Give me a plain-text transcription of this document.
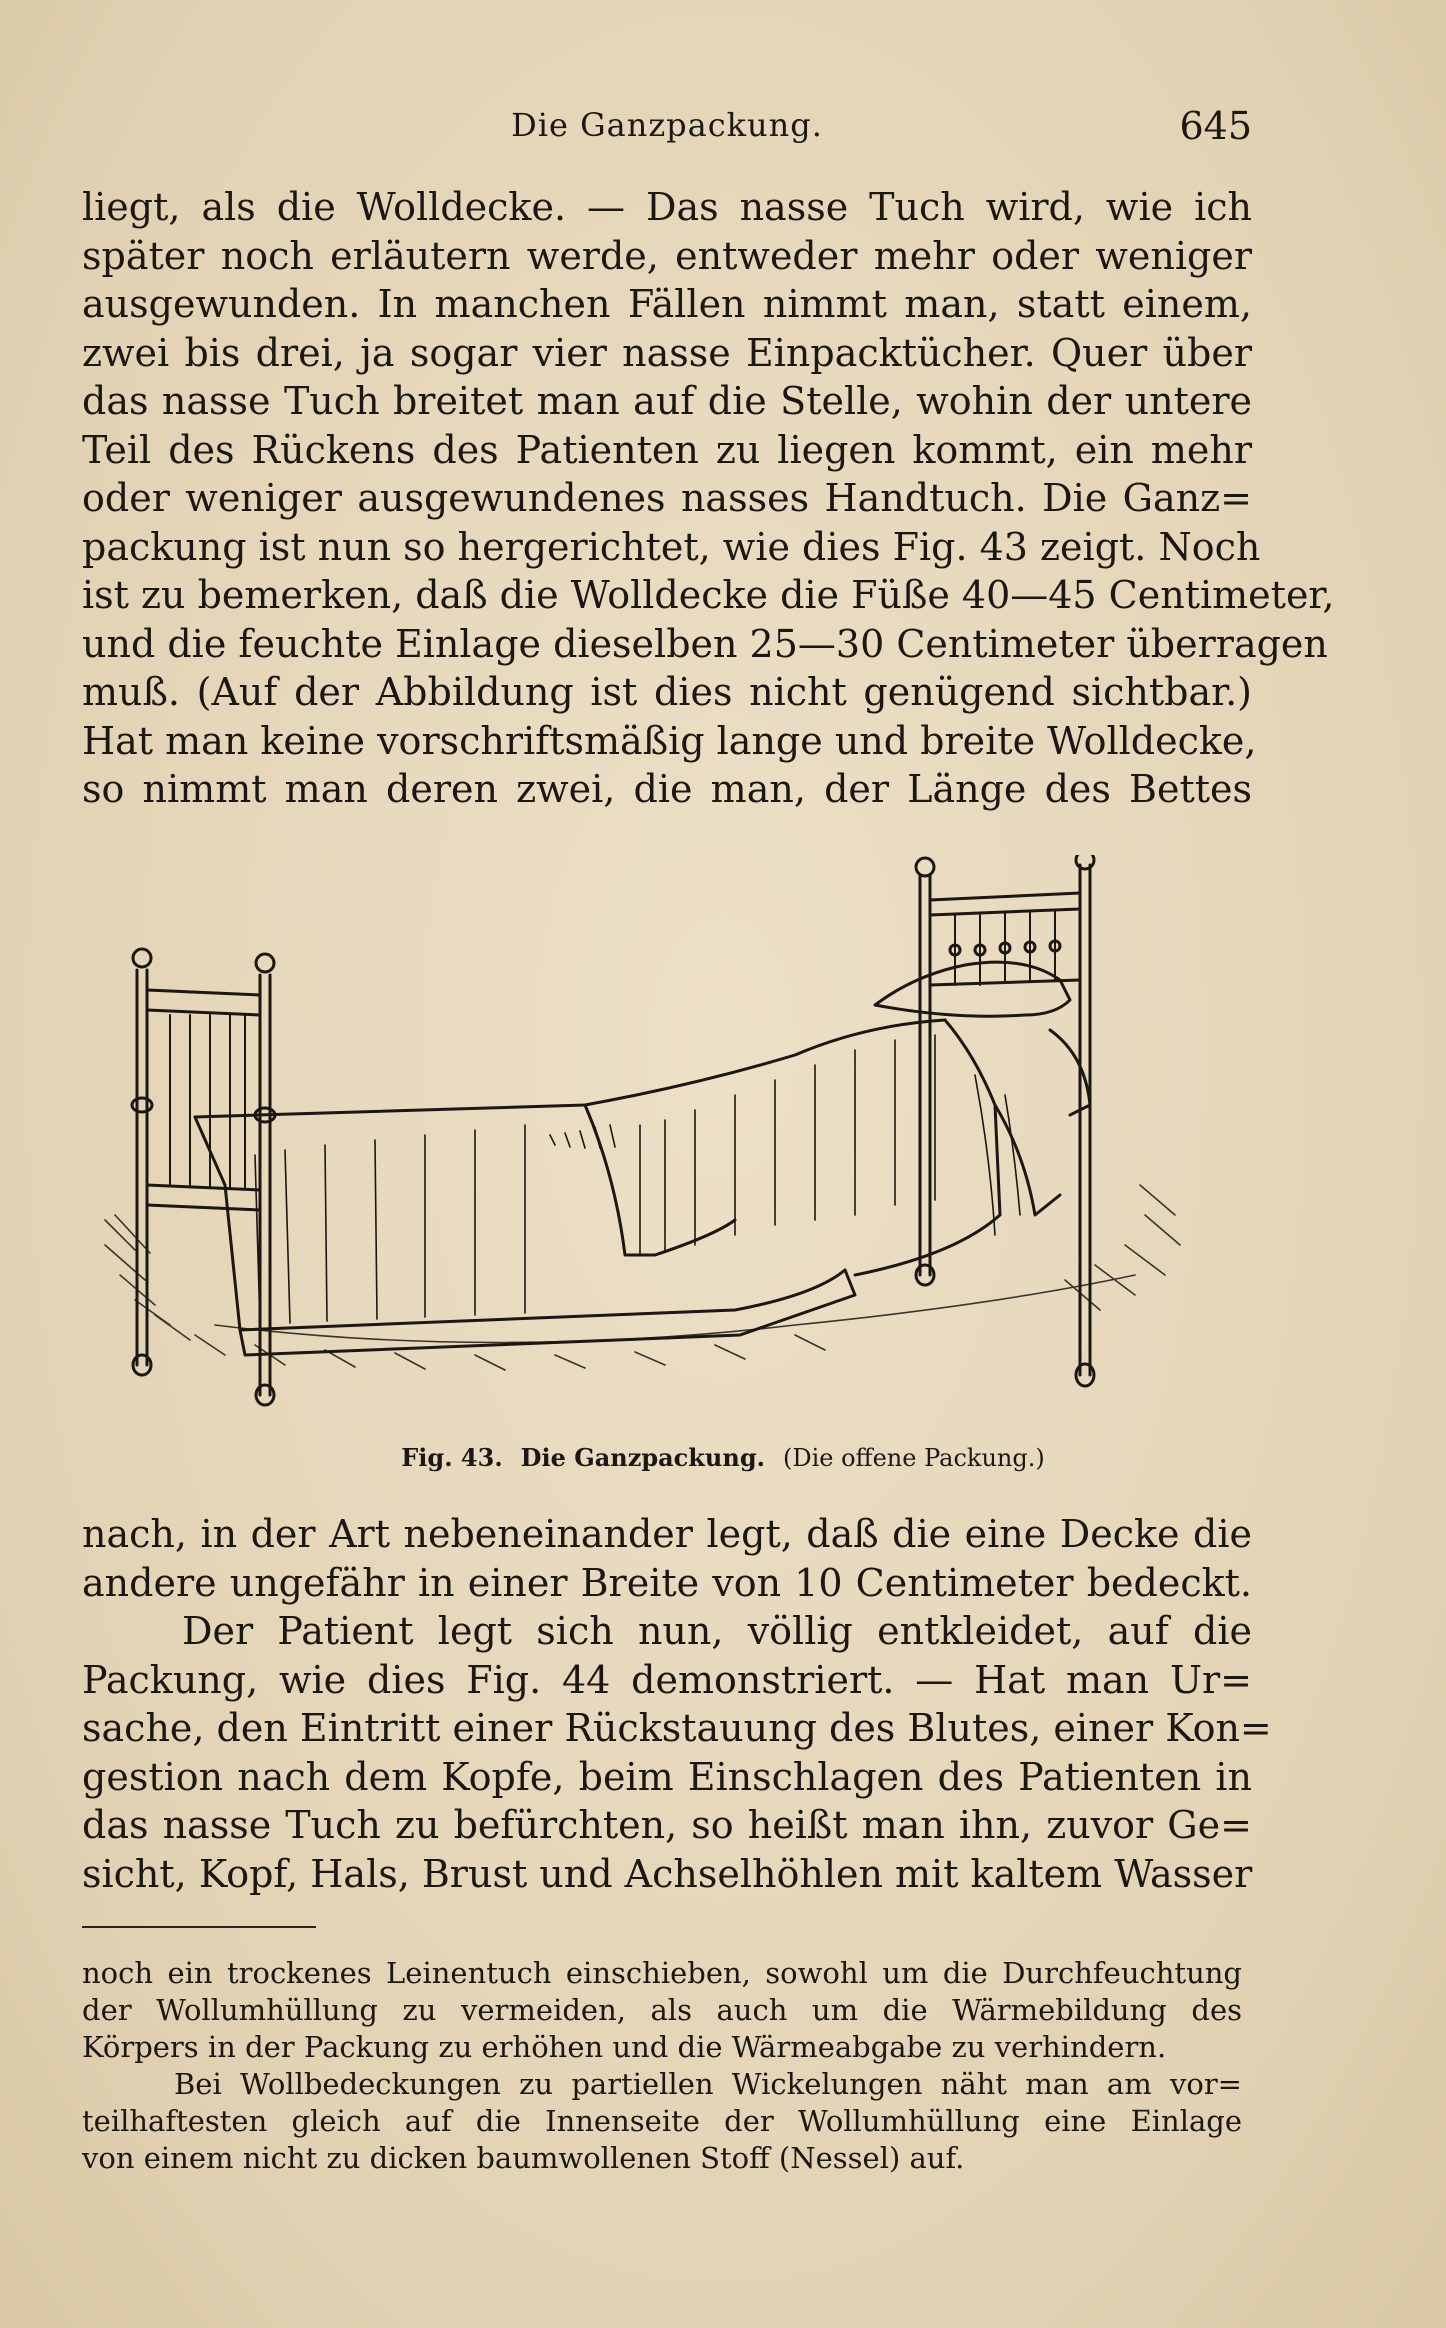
Die Ganzpackung.	645
liegt, als die Wolldecke. — Das nasse Tuch wird, wie ich
später noch erläutern werde, entweder mehr oder weniger
ausgewunden. In manchen Fällen nimmt man, statt einem,
zwei bis drei, ja sogar vier nasse Einpacktücher. Quer über
das nasse Tuch breitet man auf die Stelle, wohin der untere
Teil des Rückens des Patienten zu liegen kommt, ein mehr
oder weniger ausgewundenes nasses Handtuch. Die Ganz=
packung ist nun so hergerichtet, wie dies Fig. 43 zeigt. Noch
ist zu bemerken, daß die Wolldecke die Füße 40—45 Centimeter,
und die feuchte Einlage dieselben 25—30 Centimeter überragen
muß. (Auf der Abbildung ist dies nicht genügend sichtbar.)
Hat man keine vorschriftsmäßig lange und breite Wolldecke,
so nimmt man deren zwei, die man, der Länge des Bettes
Fig. 43. Die Ganzpackung. (Die offene Packung.)
nach, in der Art nebeneinander legt, daß die eine Decke die
andere ungefähr in einer Breite von 10 Centimeter bedeckt.
Der Patient legt sich nun, völlig entkleidet, auf die
Packung, wie dies Fig. 44 demonstriert. — Hat man Ur=
sache, den Eintritt einer Rückstauung des Blutes, einer Kon=
gestion nach dem Kopfe, beim Einschlagen des Patienten in
das nasse Tuch zu befürchten, so heißt man ihn, zuvor Ge=
sicht, Kopf, Hals, Brust und Achselhöhlen mit kaltem Wasser
noch ein trockenes Leinentuch einschieben, sowohl um die Durchfeuchtung
der Wollumhüllung zu vermeiden, als auch um die Wärmebildung des
Körpers in der Packung zu erhöhen und die Wärmeabgabe zu verhindern.
Bei Wollbedeckungen zu partiellen Wickelungen näht man am vor=
teilhaftesten gleich auf die Innenseite der Wollumhüllung eine Einlage
von einem nicht zu dicken baumwollenen Stoff (Nessel) auf.
